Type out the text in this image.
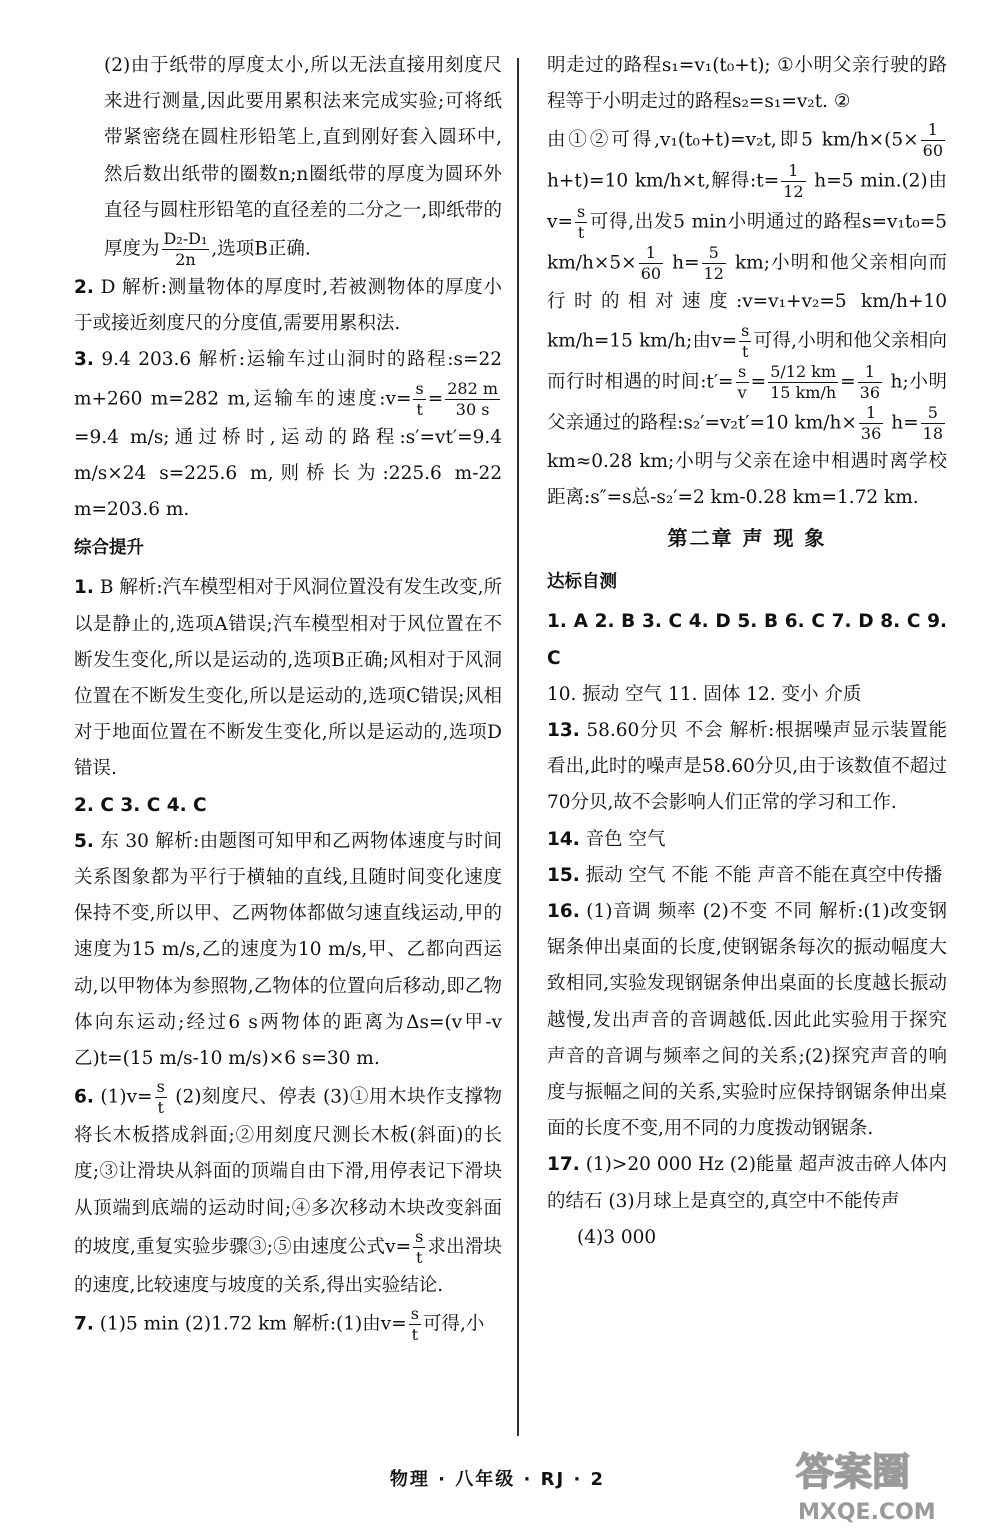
(2)由于纸带的厚度太小,所以无法直接用刻度尺来进行测量,因此要用累积法来完成实验;可将纸带紧密绕在圆柱形铅笔上,直到刚好套入圆环中,然后数出纸带的圈数n;n圈纸带的厚度为圆环外直径与圆柱形铅笔的直径差的二分之一,即纸带的厚度为 $\frac{\text{D₂-D₁}}{2n}$ ,选项B正确.

2. D 解析:测量物体的厚度时,若被测物体的厚度小于或接近刻度尺的分度值,需要用累积法.

3. 9.4 203.6 解析:运输车过山洞时的路程:s=22 m+260 m=282 m,运输车的速度:v= $\frac{s}{t} = \frac{282 m}{30 s}$
=9.4 m/s;通过桥时,运动的路程:s′=vt′=9.4 m/s×24 s=225.6 m,则桥长为:225.6 m-22 m=203.6 m.

综合提升

1. B 解析:汽车模型相对于风洞位置没有发生改变,所以是静止的,选项A错误;汽车模型相对于风位置在不断发生变化,所以是运动的,选项B正确;风相对于风洞位置在不断发生变化,所以是运动的,选项C错误;风相对于地面位置在不断发生变化,所以是运动的,选项D错误.

2. C 3. C 4. C

5. 东 30 解析:由题图可知甲和乙两物体速度与时间关系图象都为平行于横轴的直线,且随时间变化速度保持不变,所以甲、乙两物体都做匀速直线运动,甲的速度为15 m/s,乙的速度为10 m/s,甲、乙都向西运动,以甲物体为参照物,乙物体的位置向后移动,即乙物体向东运动;经过6 s两物体的距离为Δs=(v甲-v乙)t=(15 m/s-10 m/s)×6 s=30 m.

6. $(1)v= \frac{s}{t} (2)$刻度尺、停表 (3)①用木块作支撑物将长木板搭成斜面;②用刻度尺测长木板(斜面)的长度;③让滑块从斜面的顶端自由下滑,用停表记下滑块从顶端到底端的运动时间;④多次移动木块改变斜面的坡度,重复实验步骤③;⑤由速度公式$v= \frac{s}{t}$ 求出滑块的速度,比较速度与坡度的关系,得出实验结论.

7. (1)5 min (2)1.72 km 解析:(1)由$v= \frac{s}{t}$ 可得,小

明走过的路程s₁=v₁(t₀+t); ①小明父亲行驶的路程等于小明走过的路程s₂=s₁=v₂t. ②

由①②可得,v₁(t₀+t)=v₂t,即5 $km/h\times(5\times \frac{1}{60}$
h+t)=10 km/h×t,解得:t= $\frac{1}{12} h=5$ min.(2)由$v= \frac{s}{t}$ 可得,出发5 min小明通过的路程s=v₁t₀=5 $km/h\times 5\times \frac{1}{60} h= \frac{5}{12}$ km;小明和他父亲相向而行时的相对速度:v=v₁+v₂=5 km/h+10 km/h=15 km/h;由$v= \frac{s}{t}$ 可得,小明和他父亲相向而行时相遇的时间:t′= $\frac{s}{v} = \frac{5/12 km}{15 km/h} = \frac{1}{36} h$;小明父亲通过的路程:s₂′=v₂t′=10 $km/h\times \frac{1}{36} h= \frac{5}{18}$
km≈0.28 km;小明与父亲在途中相遇时离学校距离:s″=s总-s₂′=2 km-0.28 km=1.72 km.

第二章 声 现 象
达标自测

1. A 2. B 3. C 4. D 5. B 6. C 7. D 8. C 9. C

10. 振动 空气 11. 固体 12. 变小 介质

13. 58.60分贝 不会 解析:根据噪声显示装置能看出,此时的噪声是58.60分贝,由于该数值不超过70分贝,故不会影响人们正常的学习和工作.

14. 音色 空气

15. 振动 空气 不能 不能 声音不能在真空中传播

16. (1)音调 频率 (2)不变 不同 解析:(1)改变钢锯条伸出桌面的长度,使钢锯条每次的振动幅度大致相同,实验发现钢锯条伸出桌面的长度越长振动越慢,发出声音的音调越低.因此此实验用于探究声音的音调与频率之间的关系;(2)探究声音的响度与振幅之间的关系,实验时应保持钢锯条伸出桌面的长度不变,用不同的力度拨动钢锯条.

17. (1)>20 000 Hz (2)能量 超声波击碎人体内的结石 (3)月球上是真空的,真空中不能传声

(4)3 000

物理 · 八年级 · RJ · 2	答案圈
MXQE.COM
